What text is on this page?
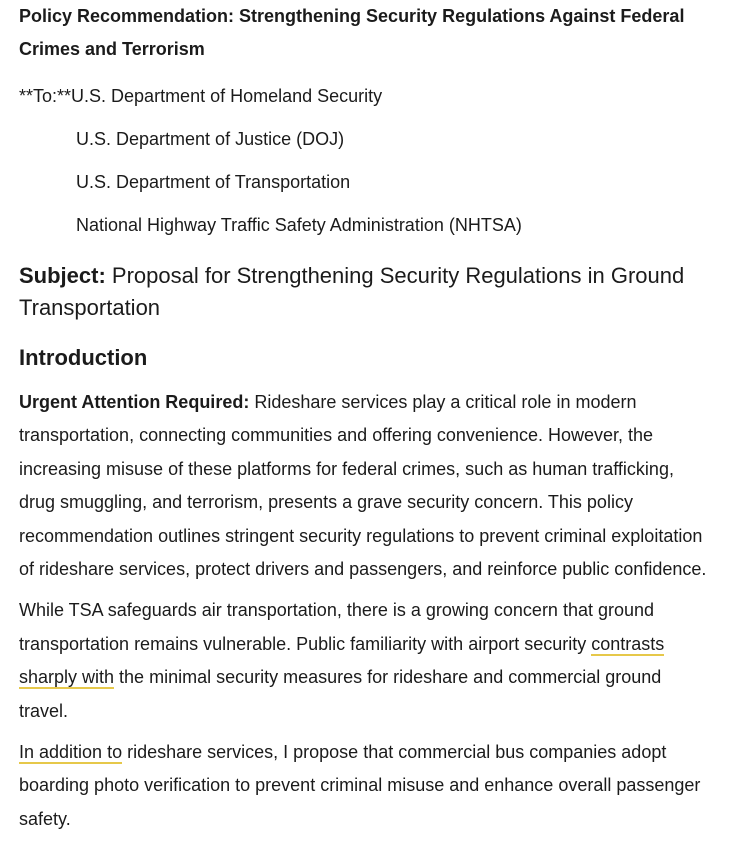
Policy Recommendation: Strengthening Security Regulations Against Federal Crimes and Terrorism

**To:**U.S. Department of Homeland Security

U.S. Department of Justice (DOJ)

U.S. Department of Transportation

National Highway Traffic Safety Administration (NHTSA)

Subject: Proposal for Strengthening Security Regulations in Ground Transportation
Introduction

Urgent Attention Required: Rideshare services play a critical role in modern transportation, connecting communities and offering convenience. However, the increasing misuse of these platforms for federal crimes, such as human trafficking, drug smuggling, and terrorism, presents a grave security concern. This policy recommendation outlines stringent security regulations to prevent criminal exploitation of rideshare services, protect drivers and passengers, and reinforce public confidence.

While TSA safeguards air transportation, there is a growing concern that ground transportation remains vulnerable. Public familiarity with airport security contrasts sharply with the minimal security measures for rideshare and commercial ground travel.

In addition to rideshare services, I propose that commercial bus companies adopt boarding photo verification to prevent criminal misuse and enhance overall passenger safety.
